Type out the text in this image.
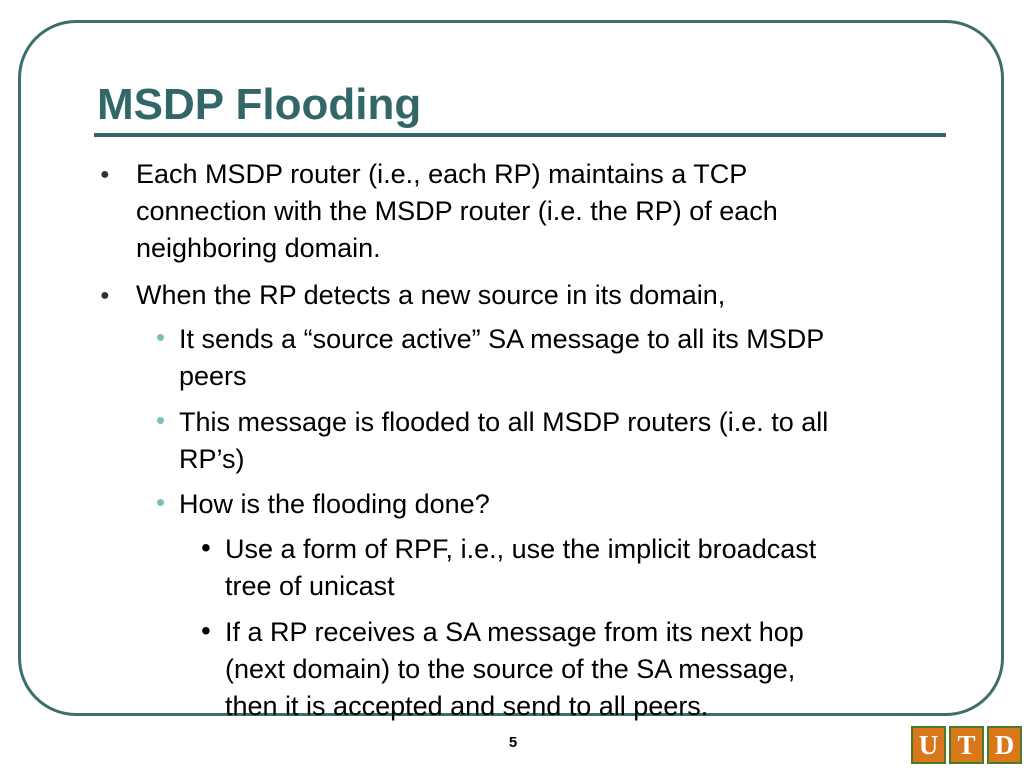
MSDP Flooding
● Each MSDP router (i.e., each RP) maintains a TCP
connection with the MSDP router (i.e. the RP) of each
neighboring domain.
● When the RP detects a new source in its domain,
• It sends a “source active” SA message to all its MSDP
peers
• This message is flooded to all MSDP routers (i.e. to all
RP’s)
• How is the flooding done?
• Use a form of RPF, i.e., use the implicit broadcast
tree of unicast
• If a RP receives a SA message from its next hop
(next domain) to the source of the SA message,
then it is accepted and send to all peers.
5	U T D
